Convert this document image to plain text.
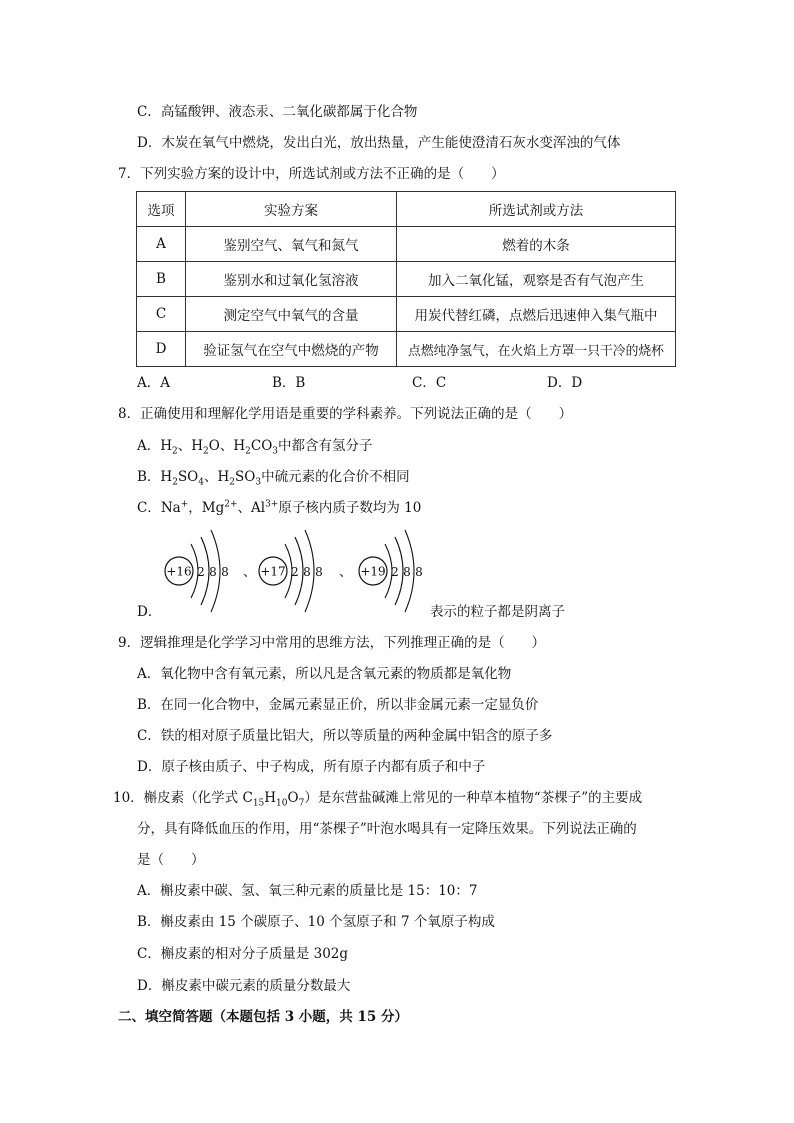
C．高锰酸钾、液态汞、二氧化碳都属于化合物
D．木炭在氧气中燃烧，发出白光，放出热量，产生能使澄清石灰水变浑浊的气体
7．下列实验方案的设计中，所选试剂或方法不正确的是（　　）
选项	实验方案	所选试剂或方法
A	鉴别空气、氧气和氮气	燃着的木条
B	鉴别水和过氧化氢溶液	加入二氧化锰，观察是否有气泡产生
C	测定空气中氧气的含量	用炭代替红磷，点燃后迅速伸入集气瓶中
D	验证氢气在空气中燃烧的产物	点燃纯净氢气，在火焰上方罩一只干冷的烧杯
A．A	B．B	C．C	D．D
8．正确使用和理解化学用语是重要的学科素养。下列说法正确的是（　　）
A．$H_2$、$H_2O$、$H_2CO_3$中都含有氢分子
B．$H_2SO_4$、$H_2SO_3$中硫元素的化合价不相同
C．Na+，$Mg^{2+}$、$Al^{3+}$原子核内质子数均为 10
+16 2 8 8 、 +17 2 8 8 、 +19 2 8 8
D．	表示的粒子都是阴离子
9．逻辑推理是化学学习中常用的思维方法，下列推理正确的是（　　）
A．氧化物中含有氧元素，所以凡是含氧元素的物质都是氧化物
B．在同一化合物中，金属元素显正价，所以非金属元素一定显负价
C．铁的相对原子质量比铝大，所以等质量的两种金属中铝含的原子多
D．原子核由质子、中子构成，所有原子内都有质子和中子
10．槲皮素（化学式 $C_{15}H_{10}O_7$）是东营盐碱滩上常见的一种草本植物“茶棵子”的主要成
分，具有降低血压的作用，用“茶棵子”叶泡水喝具有一定降压效果。下列说法正确的
是（　　）
A．槲皮素中碳、氢、氧三种元素的质量比是 15：10：7
B．槲皮素由 15 个碳原子、10 个氢原子和 7 个氧原子构成
C．槲皮素的相对分子质量是 302g
D．槲皮素中碳元素的质量分数最大
二、填空简答题（本题包括 3 小题，共 15 分）
